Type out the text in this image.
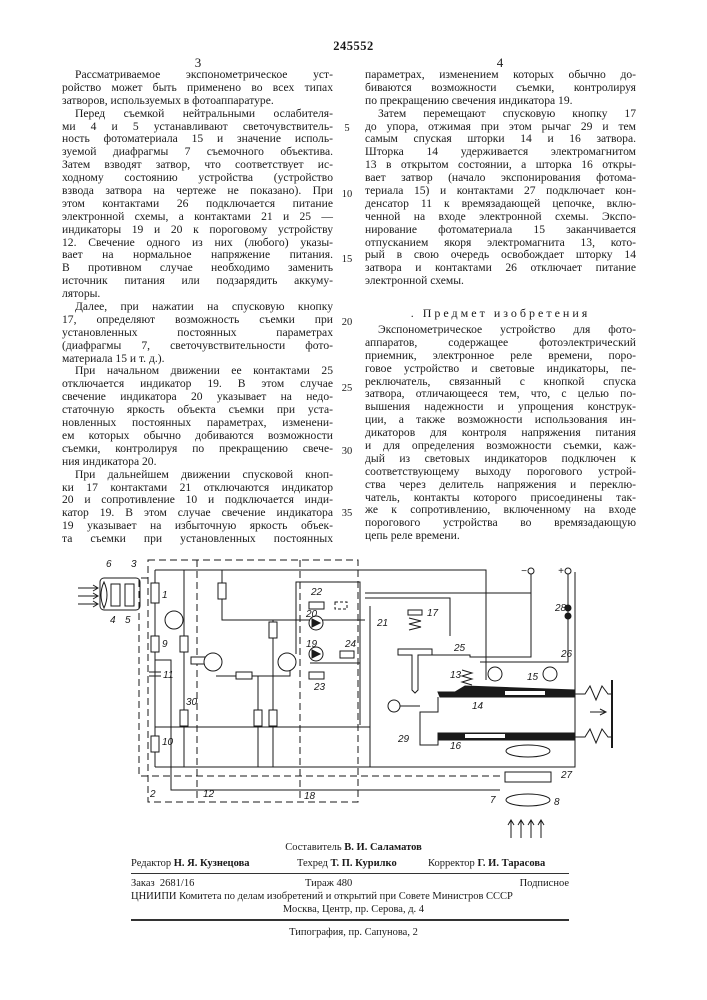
245552
3	4
Рассматриваемое экспонометрическое уст-
ройство может быть применено во всех типах
затворов, используемых в фотоаппаратуре.
Перед съемкой нейтральными ослабителя-
ми 4 и 5 устанавливают светочувствитель-
ность фотоматериала 15 и значение исполь-
зуемой диафрагмы 7 съемочного объектива.
Затем взводят затвор, что соответствует ис-
ходному состоянию устройства (устройство
взвода затвора на чертеже не показано). При
этом контактами 26 подключается питание
электронной схемы, а контактами 21 и 25 —
индикаторы 19 и 20 к пороговому устройству
12. Свечение одного из них (любого) указы-
вает на нормальное напряжение питания.
В противном случае необходимо заменить
источник питания или подзарядить аккуму-
ляторы.
Далее, при нажатии на спусковую кнопку
17, определяют возможность съемки при
установленных постоянных параметрах
(диафрагмы 7, светочувствительности фото-
материала 15 и т. д.).
При начальном движении ее контактами 25
отключается индикатор 19. В этом случае
свечение индикатора 20 указывает на недо-
статочную яркость объекта съемки при уста-
новленных постоянных параметрах, изменени-
ем которых обычно добиваются возможности
съемки, контролируя по прекращению свече-
ния индикатора 20.
При дальнейшем движении спусковой кноп-
ки 17 контактами 21 отключаются индикатор
20 и сопротивление 10 и подключается инди-
катор 19. В этом случае свечение индикатора
19 указывает на избыточную яркость объек-
та съемки при установленных постоянных
параметрах, изменением которых обычно до-
биваются возможности съемки, контролируя
по прекращению свечения индикатора 19.
Затем перемещают спусковую кнопку 17
до упора, отжимая при этом рычаг 29 и тем
самым спуская шторки 14 и 16 затвора.
Шторка 14 удерживается электромагнитом
13 в открытом состоянии, а шторка 16 откры-
вает затвор (начало экспонирования фотома-
териала 15) и контактами 27 подключает кон-
денсатор 11 к времязадающей цепочке, вклю-
ченной на входе электронной схемы. Экспо-
нирование фотоматериала 15 заканчивается
отпусканием якоря электромагнита 13, кото-
рый в свою очередь освобождает шторку 14
затвора и контактами 26 отключает питание
электронной схемы.
. Предмет изобретения
Экспонометрическое устройство для фото-
аппаратов, содержащее фотоэлектрический
приемник, электронное реле времени, поро-
говое устройство и световые индикаторы, пе-
реключатель, связанный с кнопкой спуска
затвора, отличающееся тем, что, с целью по-
вышения надежности и упрощения конструк-
ции, а также возможности использования ин-
дикаторов для контроля напряжения питания
и для определения возможности съемки, каж-
дый из световых индикаторов подключен к
соответствующему выходу порогового устрой-
ства через делитель напряжения и переклю-
чатель, контакты которого присоединены так-
же к сопротивлению, включенному на входе
порогового устройства во времязадающую
цепь реле времени.
5
10
15
20
25
30
35
6 3
1
4 5
9
11
30
10
2	12	18
22
20
19	24
23
21
17
25
13	15
14
29
16
28
26
27
7	8
−	+
Составитель В. И. Саламатов
Редактор Н. Я. Кузнецова	Техред Т. П. Курилко	Корректор Г. И. Тарасова
Заказ  2681/16	Тираж 480	Подписное
ЦНИИПИ Комитета по делам изобретений и открытий при Совете Министров СССР
Москва, Центр, пр. Серова, д. 4
Типография, пр. Сапунова, 2
